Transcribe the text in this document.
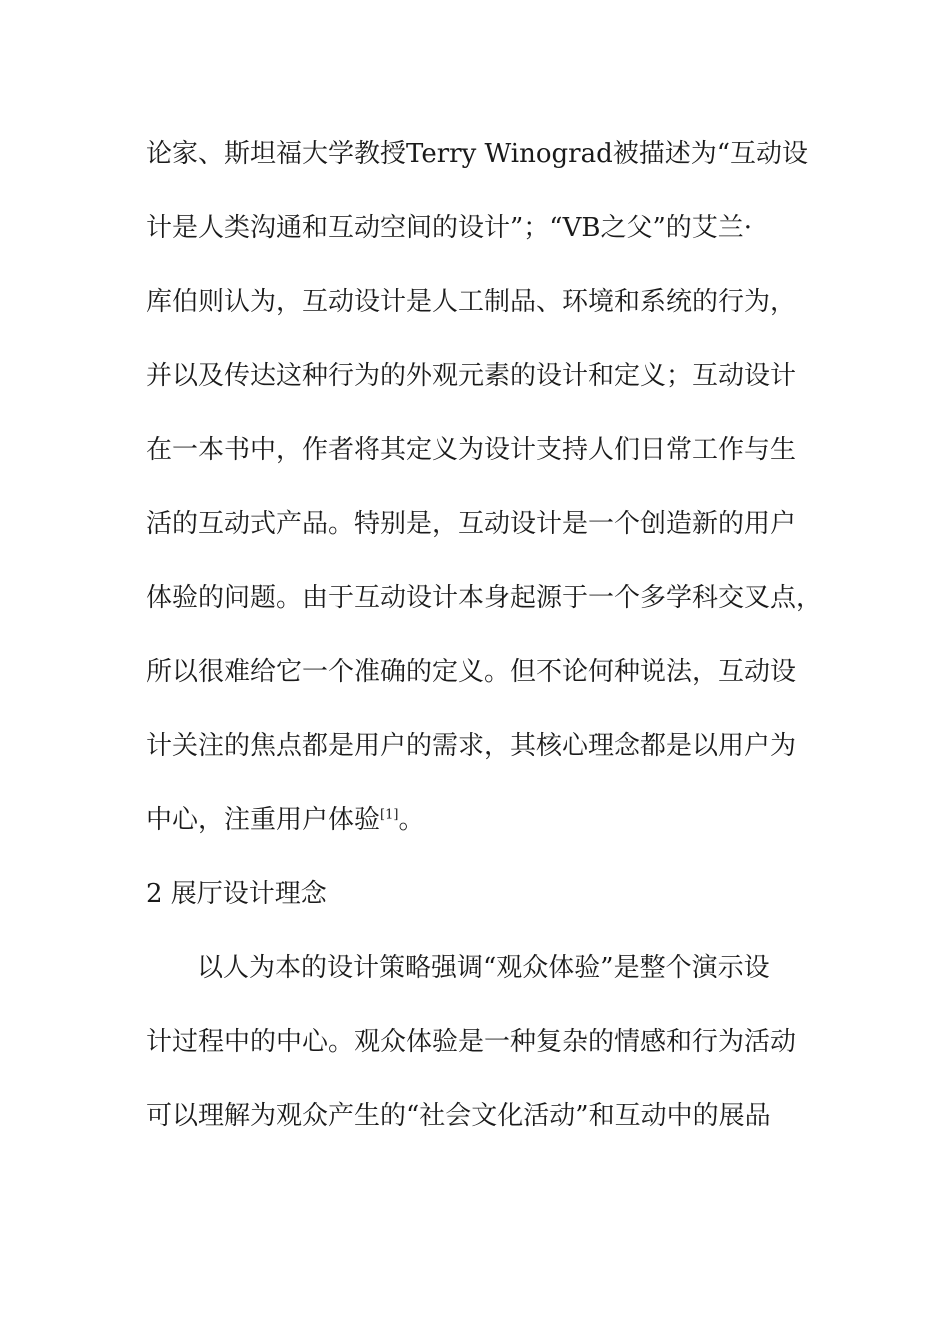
论家、斯坦福大学教授Terry Winograd被描述为“互动设
计是人类沟通和互动空间的设计”；“VB之父”的艾兰·
库伯则认为，互动设计是人工制品、环境和系统的行为，
并以及传达这种行为的外观元素的设计和定义；互动设计
在一本书中，作者将其定义为设计支持人们日常工作与生
活的互动式产品。特别是，互动设计是一个创造新的用户
体验的问题。由于互动设计本身起源于一个多学科交叉点，
所以很难给它一个准确的定义。但不论何种说法，互动设
计关注的焦点都是用户的需求，其核心理念都是以用户为
中心，注重用户体验[1]。
2 展厅设计理念
以人为本的设计策略强调“观众体验”是整个演示设
计过程中的中心。观众体验是一种复杂的情感和行为活动
可以理解为观众产生的“社会文化活动”和互动中的展品
